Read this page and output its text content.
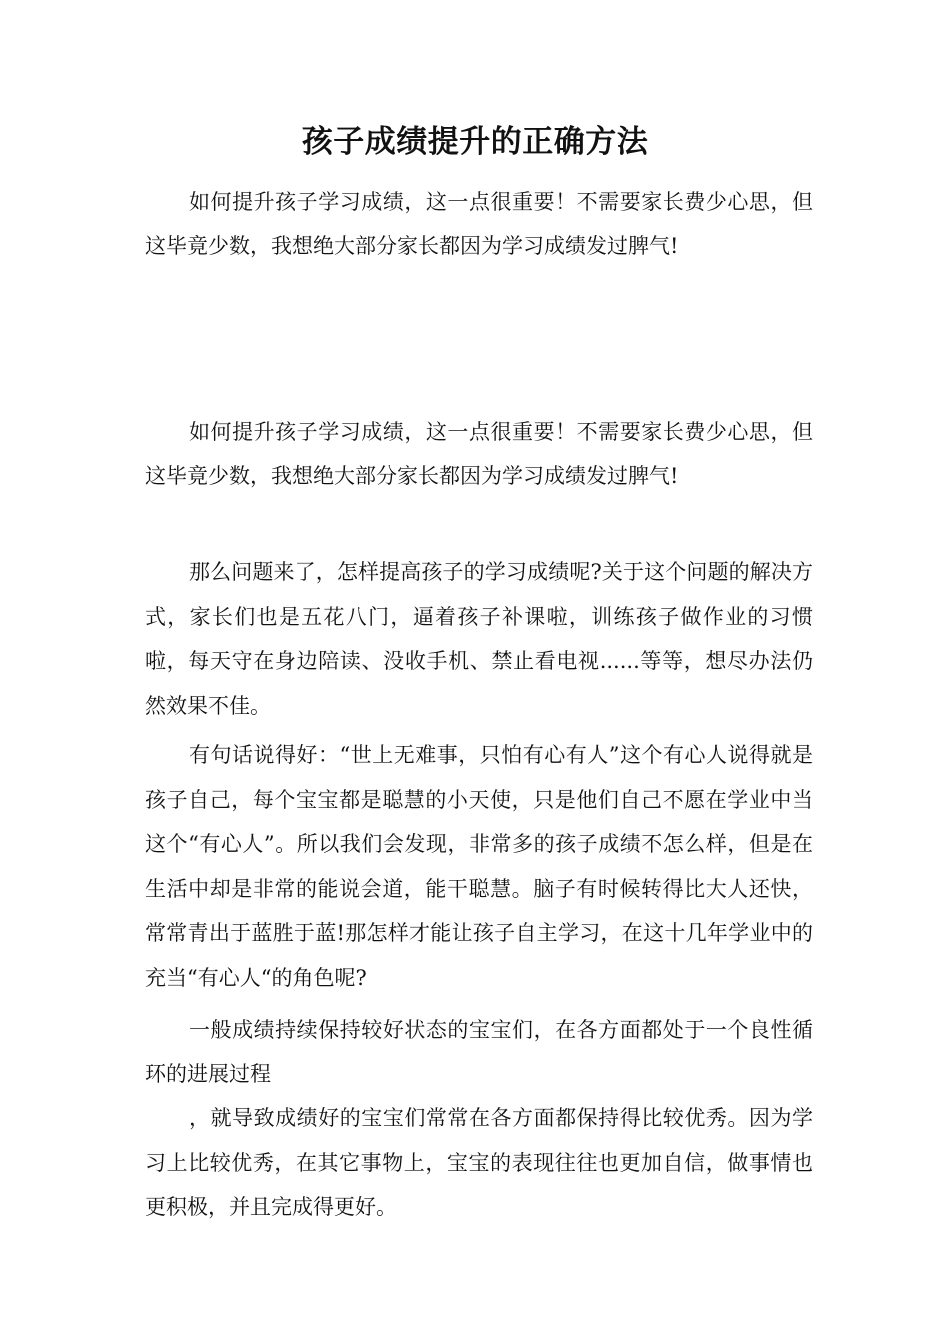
孩子成绩提升的正确方法

如何提升孩子学习成绩，这一点很重要！不需要家长费少心思，但这毕竟少数，我想绝大部分家长都因为学习成绩发过脾气!

如何提升孩子学习成绩，这一点很重要！不需要家长费少心思，但这毕竟少数，我想绝大部分家长都因为学习成绩发过脾气!

那么问题来了，怎样提高孩子的学习成绩呢?关于这个问题的解决方式，家长们也是五花八门，逼着孩子补课啦，训练孩子做作业的习惯啦，每天守在身边陪读、没收手机、禁止看电视......等等，想尽办法仍然效果不佳。

有句话说得好：“世上无难事，只怕有心有人”这个有心人说得就是孩子自己，每个宝宝都是聪慧的小天使，只是他们自己不愿在学业中当这个“有心人”。所以我们会发现，非常多的孩子成绩不怎么样，但是在生活中却是非常的能说会道，能干聪慧。脑子有时候转得比大人还快，常常青出于蓝胜于蓝!那怎样才能让孩子自主学习，在这十几年学业中的充当“有心人“的角色呢?

一般成绩持续保持较好状态的宝宝们，在各方面都处于一个良性循环的进展过程

，就导致成绩好的宝宝们常常在各方面都保持得比较优秀。因为学习上比较优秀，在其它事物上，宝宝的表现往往也更加自信，做事情也更积极，并且完成得更好。
